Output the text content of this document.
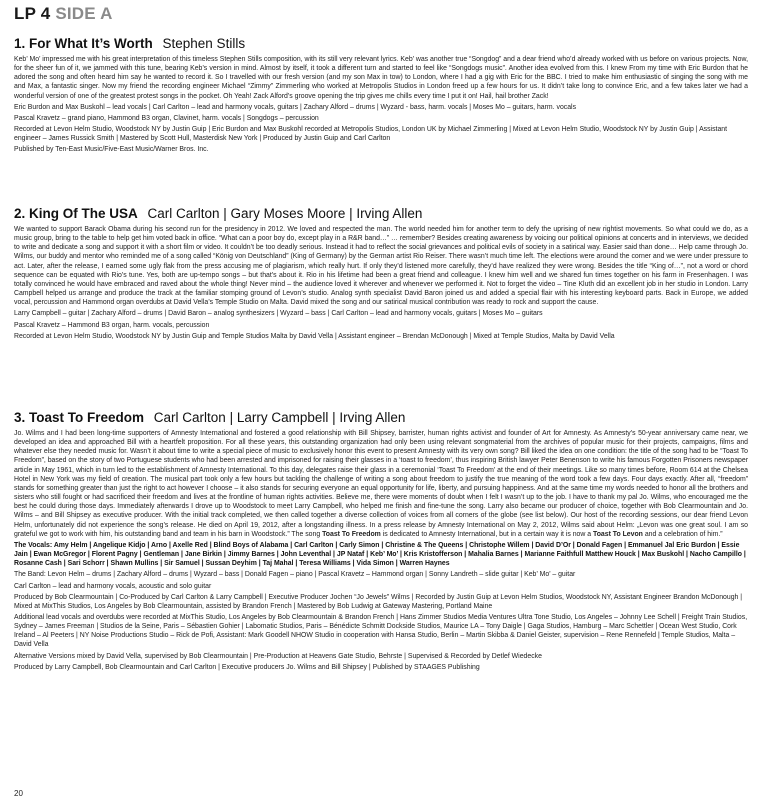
LP 4 SIDE A
1. For What It’s Worth Stephen Stills

Keb’ Mo’ impressed me with his great interpretation of this timeless Stephen Stills composition, with its still very relevant lyrics. Keb’ was another true “Songdog” and a dear friend who’d already worked with us before on various projects. Now, for the sheer fun of it, we jammed with this tune, bearing Keb’s version in mind. Almost by itself, it took a different turn and started to feel like “Songdogs music”. Another idea evolved from this. I knew From my time with Eric Burdon that he adored the song and often heard him say he wanted to record it. So I travelled with our fresh version (and my son Max in tow) to London, where I had a gig with Eric for the BBC. I tried to make him enthusiastic of singing the song with me and Max, a fantastic singer. Now my friend the recording engineer Michael “Zimmy” Zimmerling who worked at Metropolis Studios in London freed up a few hours for us. It didn’t take long to convince Eric, and a few takes later we had a wonderful version of one of the greatest protest songs in the pocket. Oh Yeah! Zack Alford’s groove opening the trip gives me chills every time I put it on! Hail, hail brother Zack!

Eric Burdon and Max Buskohl – lead vocals | Carl Carlton – lead and harmony vocals, guitars | Zachary Alford – drums | Wyzard - bass, harm. vocals | Moses Mo – guitars, harm. vocals

Pascal Kravetz – grand piano, Hammond B3 organ, Clavinet, harm. vocals | Songdogs – percussion

Recorded at Levon Helm Studio, Woodstock NY by Justin Guip | Eric Burdon and Max Buskohl recorded at Metropolis Studios, London UK by Michael Zimmerling | Mixed at Levon Helm Studio, Woodstock NY by Justin Guip | Assistant engineer – James Russick Smith | Mastered by Scott Hull, Masterdisk New York | Produced by Justin Guip and Carl Carlton

Published by Ten-East Music/Five-East Music/Warner Bros. Inc.

2. King Of The USA Carl Carlton | Gary Moses Moore | Irving Allen

We wanted to support Barack Obama during his second run for the presidency in 2012. We loved and respected the man. The world needed him for another term to defy the uprising of new rightist movements. So what could we do, as a music group, bring to the table to help get him voted back in office. “What can a poor boy do, except play in a R&R band…” … remember? Besides creating awareness by voicing our political opinions at concerts and in interviews, we decided to write and dedicate a song and support it with a short film or video. It couldn’t be too deadly serious. Instead it had to reflect the social grievances and political evils of society in a satirical way. Easier said than done… Help came through Jo. Wilms, our buddy and mentor who reminded me of a song called “König von Deutschland” (King of Germany) by the German artist Rio Reiser. There wasn’t much time left. The elections were around the corner and we were under pressure to act. Later, after the release, I earned some ugly flak from the press accusing me of plagiarism, which really hurt. If only they’d listened more carefully, they’d have realized they were wrong. Besides the title “King of…”, not a word or chord sequence can be equated with Rio’s tune. Yes, both are up-tempo songs – but that’s about it. Rio in his lifetime had been a great friend and colleague. I knew him well and we shared fun times together on his farm in Fresenhagen. I was totally convinced he would have embraced and raved about the whole thing! Never mind – the audience loved it wherever and whenever we performed it. Not to forget the video – Tine Kluth did an excellent job in her studio in London. Larry Campbell helped us arrange and produce the track at the familiar stomping ground of Levon’s studio. Analog synth specialist David Baron joined us and added a special flair with his interesting keyboard parts. Back in Europe, we added vocal, percussion and Hammond organ overdubs at David Vella’s Temple Studio on Malta. David mixed the song and our satirical musical contribution was ready to rock and support the cause.

Larry Campbell – guitar | Zachary Alford – drums | David Baron – analog synthesizers | Wyzard – bass | Carl Carlton – lead and harmony vocals, guitars | Moses Mo – guitars

Pascal Kravetz – Hammond B3 organ, harm. vocals, percussion

Recorded at Levon Helm Studio, Woodstock NY by Justin Guip and Temple Studios Malta by David Vella | Assistant engineer – Brendan McDonough | Mixed at Temple Studios, Malta by David Vella

3. Toast To Freedom Carl Carlton | Larry Campbell | Irving Allen

Jo. Wilms and I had been long-time supporters of Amnesty International and fostered a good relationship with Bill Shipsey, barrister, human rights activist and founder of Art for Amnesty. As Amnesty’s 50-year anniversary came near, we developed an idea and approached Bill with a heartfelt proposition. For all these years, this outstanding organization had only been using relevant songmaterial from the archives of popular music for their projects, campaigns, films and whatever else they needed music for. Wasn’t it about time to write a special piece of music to exclusively honor this event to present Amnesty with its very own song? Bill liked the idea on one condition: the title of the song had to be “Toast To Freedom”, based on the story of two Portuguese students who had been arrested and imprisoned for raising their glasses in a ‘toast to freedom’, thus inspiring British lawyer Peter Benenson to write his famous Forgotten Prisoners newspaper article in May 1961, which in turn led to the establishment of Amnesty International. To this day, delegates raise their glass in a ceremonial ‘Toast To Freedom’ at the end of their meetings. Like so many times before, Room 614 at the Chelsea Hotel in New York was my field of creation. The musical part took only a few hours but tackling the challenge of writing a song about freedom to justify the true meaning of the word took a few days. Four days exactly. After all, “freedom” stands for something greater than just the right to act however I choose – it also stands for securing everyone an equal opportunity for life, liberty, and pursuing happiness. And at the same time my words needed to honor all the brothers and sisters who still fought or had sacrificed their freedom and lives at the frontline of human rights activities. Believe me, there were moments of doubt when I felt I wasn’t up to the job. I have to thank my pal Jo. Wilms, who encouraged me the best he could during those days. Immediately afterwards I drove up to Woodstock to meet Larry Campbell, who helped me finish and fine-tune the song. Larry also became our producer of choice, together with Bob Clearmountain and Jo. Wilms – and Bill Shipsey as executive producer. With the initial track completed, we then called together a diverse collection of voices from all corners of the globe (see list below). Our host of the recording sessions, our dear friend Levon Helm, unfortunately did not experience the song’s release. He died on April 19, 2012, after a longstanding illness. In a press release by Amnesty International on May 2, 2012, Wilms said about Helm: „Levon was one great soul. I am so grateful we got to work with him, his outstanding band and team in his barn in Woodstock.” The song Toast To Freedom is dedicated to Amnesty International, but in a certain way it is now a Toast To Levon and a celebration of him.”

The Vocals: Amy Helm | Angelique Kidjo | Arno | Axelle Red | Blind Boys of Alabama | Carl Carlton | Carly Simon | Christine & The Queens | Christophe Willem | David D’Or | Donald Fagen | Emmanuel Jal Eric Burdon | Essie Jain | Ewan McGregor | Florent Pagny | Gentleman | Jane Birkin | Jimmy Barnes | John Leventhal | JP Nataf | Keb’ Mo’ | Kris Kristofferson | Mahalia Barnes | Marianne Faithfull Matthew Houck | Max Buskohl | Nacho Campillo | Rosanne Cash | Sari Schorr | Shawn Mullins | Sir Samuel | Sussan Deyhim | Taj Mahal | Teresa Williams | Vida Simon | Warren Haynes

The Band: Levon Helm – drums | Zachary Alford – drums | Wyzard – bass | Donald Fagen – piano | Pascal Kravetz – Hammond organ | Sonny Landreth – slide guitar | Keb’ Mo’ – guitar

Carl Carlton – lead and harmony vocals, acoustic and solo guitar

Produced by Bob Clearmountain | Co-Produced by Carl Carlton & Larry Campbell | Executive Producer Jochen “Jo Jewels” Wilms | Recorded by Justin Guip at Levon Helm Studios, Woodstock NY, Assistant Engineer Brandon McDonough | Mixed at MixThis Studios, Los Angeles by Bob Clearmountain, assisted by Brandon French | Mastered by Bob Ludwig at Gateway Mastering, Portland Maine

Additional lead vocals and overdubs were recorded at MixThis Studio, Los Angeles by Bob Clearmountain & Brandon French | Hans Zimmer Studios Media Ventures Ultra Tone Studio, Los Angeles – Johnny Lee Schell | Freight Train Studios, Sydney – James Freeman | Studios de la Seine, Paris – Sébastien Gohier | Labomatic Studios, Paris – Bénédicte Schmitt Dockside Studios, Maurice LA – Tony Daigle | Gaga Studios, Hamburg – Marc Schettler | Ocean West Studio, Cork Ireland – Al Peeters | NY Noise Productions Studio – Rick de Pofi, Assistant: Mark Goodell NHOW Studio in cooperation with Hansa Studio, Berlin – Martin Skibba & Daniel Geister, supervision – Rene Rennefeld | Temple Studios, Malta – David Vella

Alternative Versions mixed by David Vella, supervised by Bob Clearmountain | Pre-Production at Heavens Gate Studio, Behrste | Supervised & Recorded by Detlef Wiedecke

Produced by Larry Campbell, Bob Clearmountain and Carl Carlton | Executive producers Jo. Wilms and Bill Shipsey | Published by STAAGES Publishing

20
